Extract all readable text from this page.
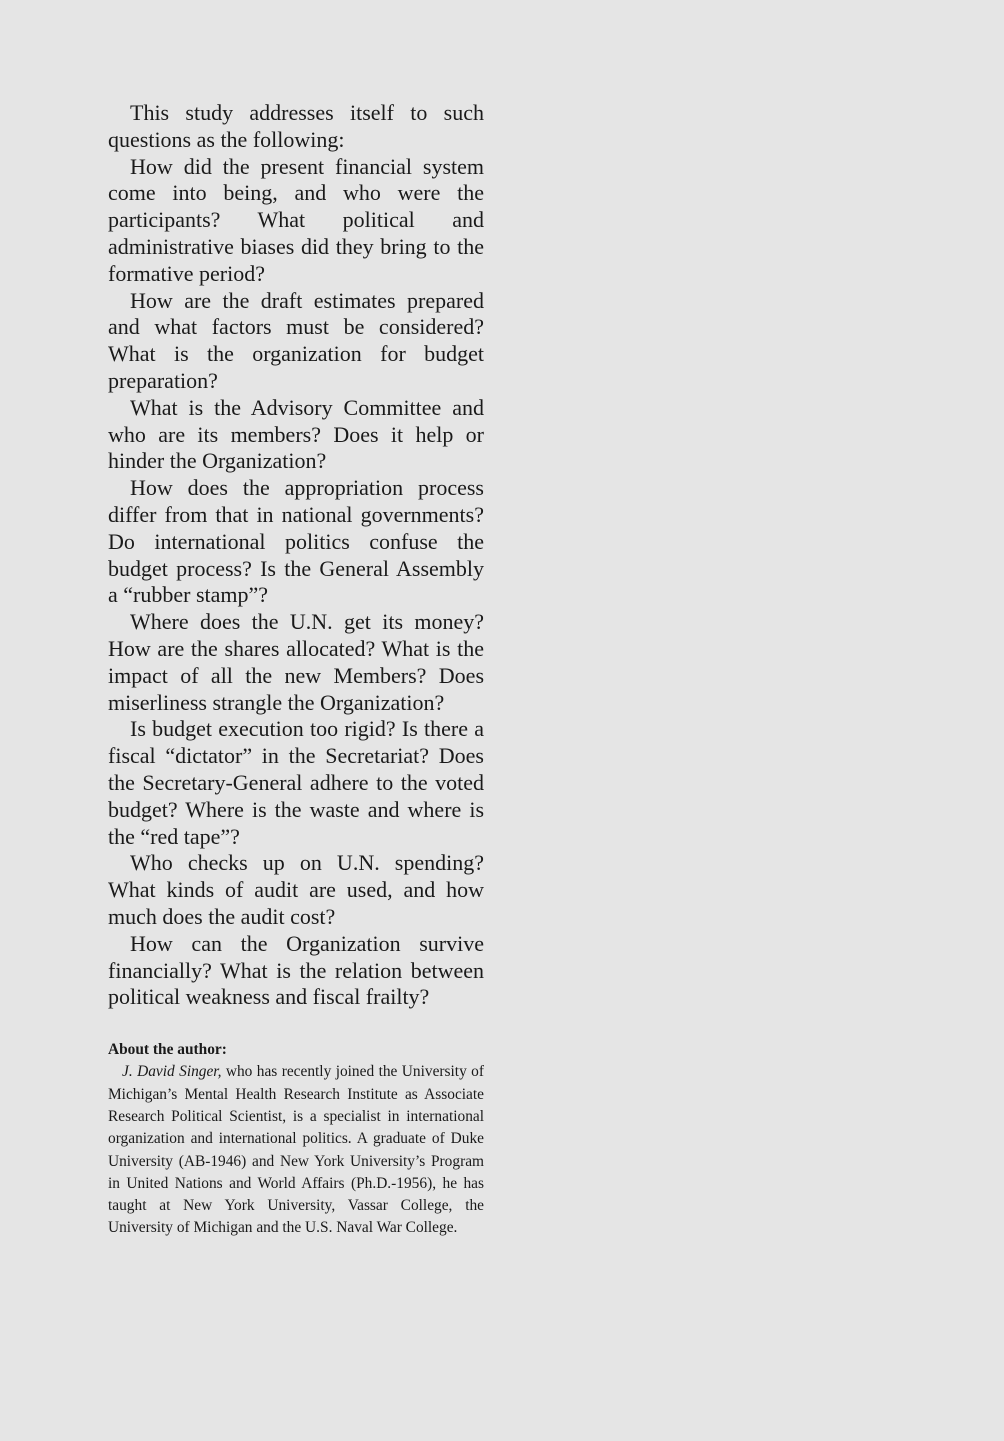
This study addresses itself to such questions as the following:

How did the present financial system come into being, and who were the participants? What political and administrative biases did they bring to the formative period?

How are the draft estimates prepared and what factors must be considered? What is the organization for budget preparation?

What is the Advisory Committee and who are its members? Does it help or hinder the Organization?

How does the appropriation process differ from that in national governments? Do international politics confuse the budget process? Is the General Assembly a “rubber stamp”?

Where does the U.N. get its money? How are the shares allocated? What is the impact of all the new Members? Does miserliness strangle the Organization?

Is budget execution too rigid? Is there a fiscal “dictator” in the Secretariat? Does the Secretary-General adhere to the voted budget? Where is the waste and where is the “red tape”?

Who checks up on U.N. spending? What kinds of audit are used, and how much does the audit cost?

How can the Organization survive financially? What is the relation between political weakness and fiscal frailty?

About the author:

J. David Singer, who has recently joined the University of Michigan’s Mental Health Research Institute as Associate Research Political Scientist, is a specialist in international organization and international politics. A graduate of Duke University (AB-1946) and New York University’s Program in United Nations and World Affairs (Ph.D.-1956), he has taught at New York University, Vassar College, the University of Michigan and the U.S. Naval War College.
